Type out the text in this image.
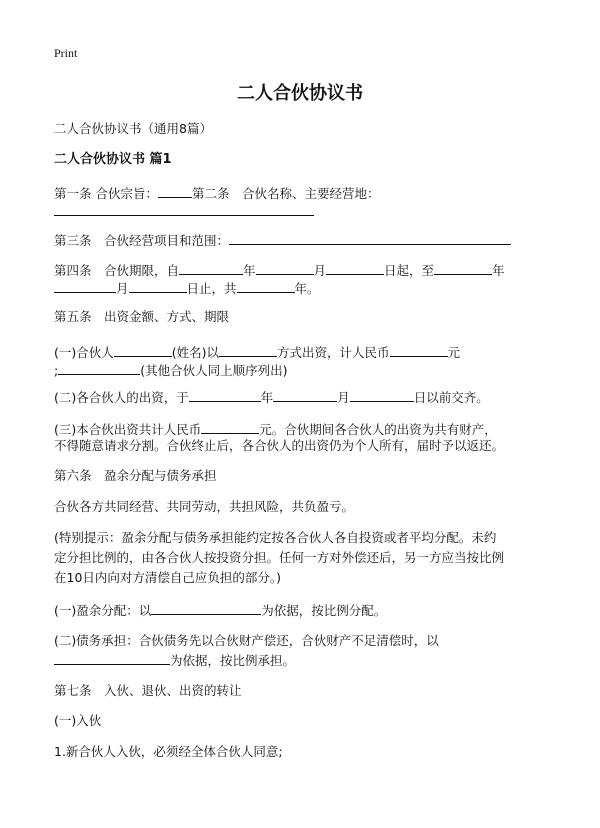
Print
二人合伙协议书
二人合伙协议书（通用8篇）
二人合伙协议书 篇1
第一条 合伙宗旨：	第二条　合伙名称、主要经营地：
第三条　合伙经营项目和范围：
第四条　合伙期限，自	年	月	日起，至	年
月	日止，共	年。
第五条　出资金额、方式、期限
(一)合伙人	(姓名)以	方式出资，计人民币	元
;	(其他合伙人同上顺序列出)
(二)各合伙人的出资，于	年	月	日以前交齐。
(三)本合伙出资共计人民币	元。合伙期间各合伙人的出资为共有财产，
不得随意请求分割。合伙终止后，各合伙人的出资仍为个人所有，届时予以返还。
第六条　盈余分配与债务承担
合伙各方共同经营、共同劳动，共担风险，共负盈亏。
(特别提示：盈余分配与债务承担能约定按各合伙人各自投资或者平均分配。未约
定分担比例的，由各合伙人按投资分担。任何一方对外偿还后，另一方应当按比例
在10日内向对方清偿自己应负担的部分。)
(一)盈余分配：以	为依据，按比例分配。
(二)债务承担：合伙债务先以合伙财产偿还，合伙财产不足清偿时，以
为依据，按比例承担。
第七条　入伙、退伙、出资的转让
(一)入伙
1.新合伙人入伙，必须经全体合伙人同意;
